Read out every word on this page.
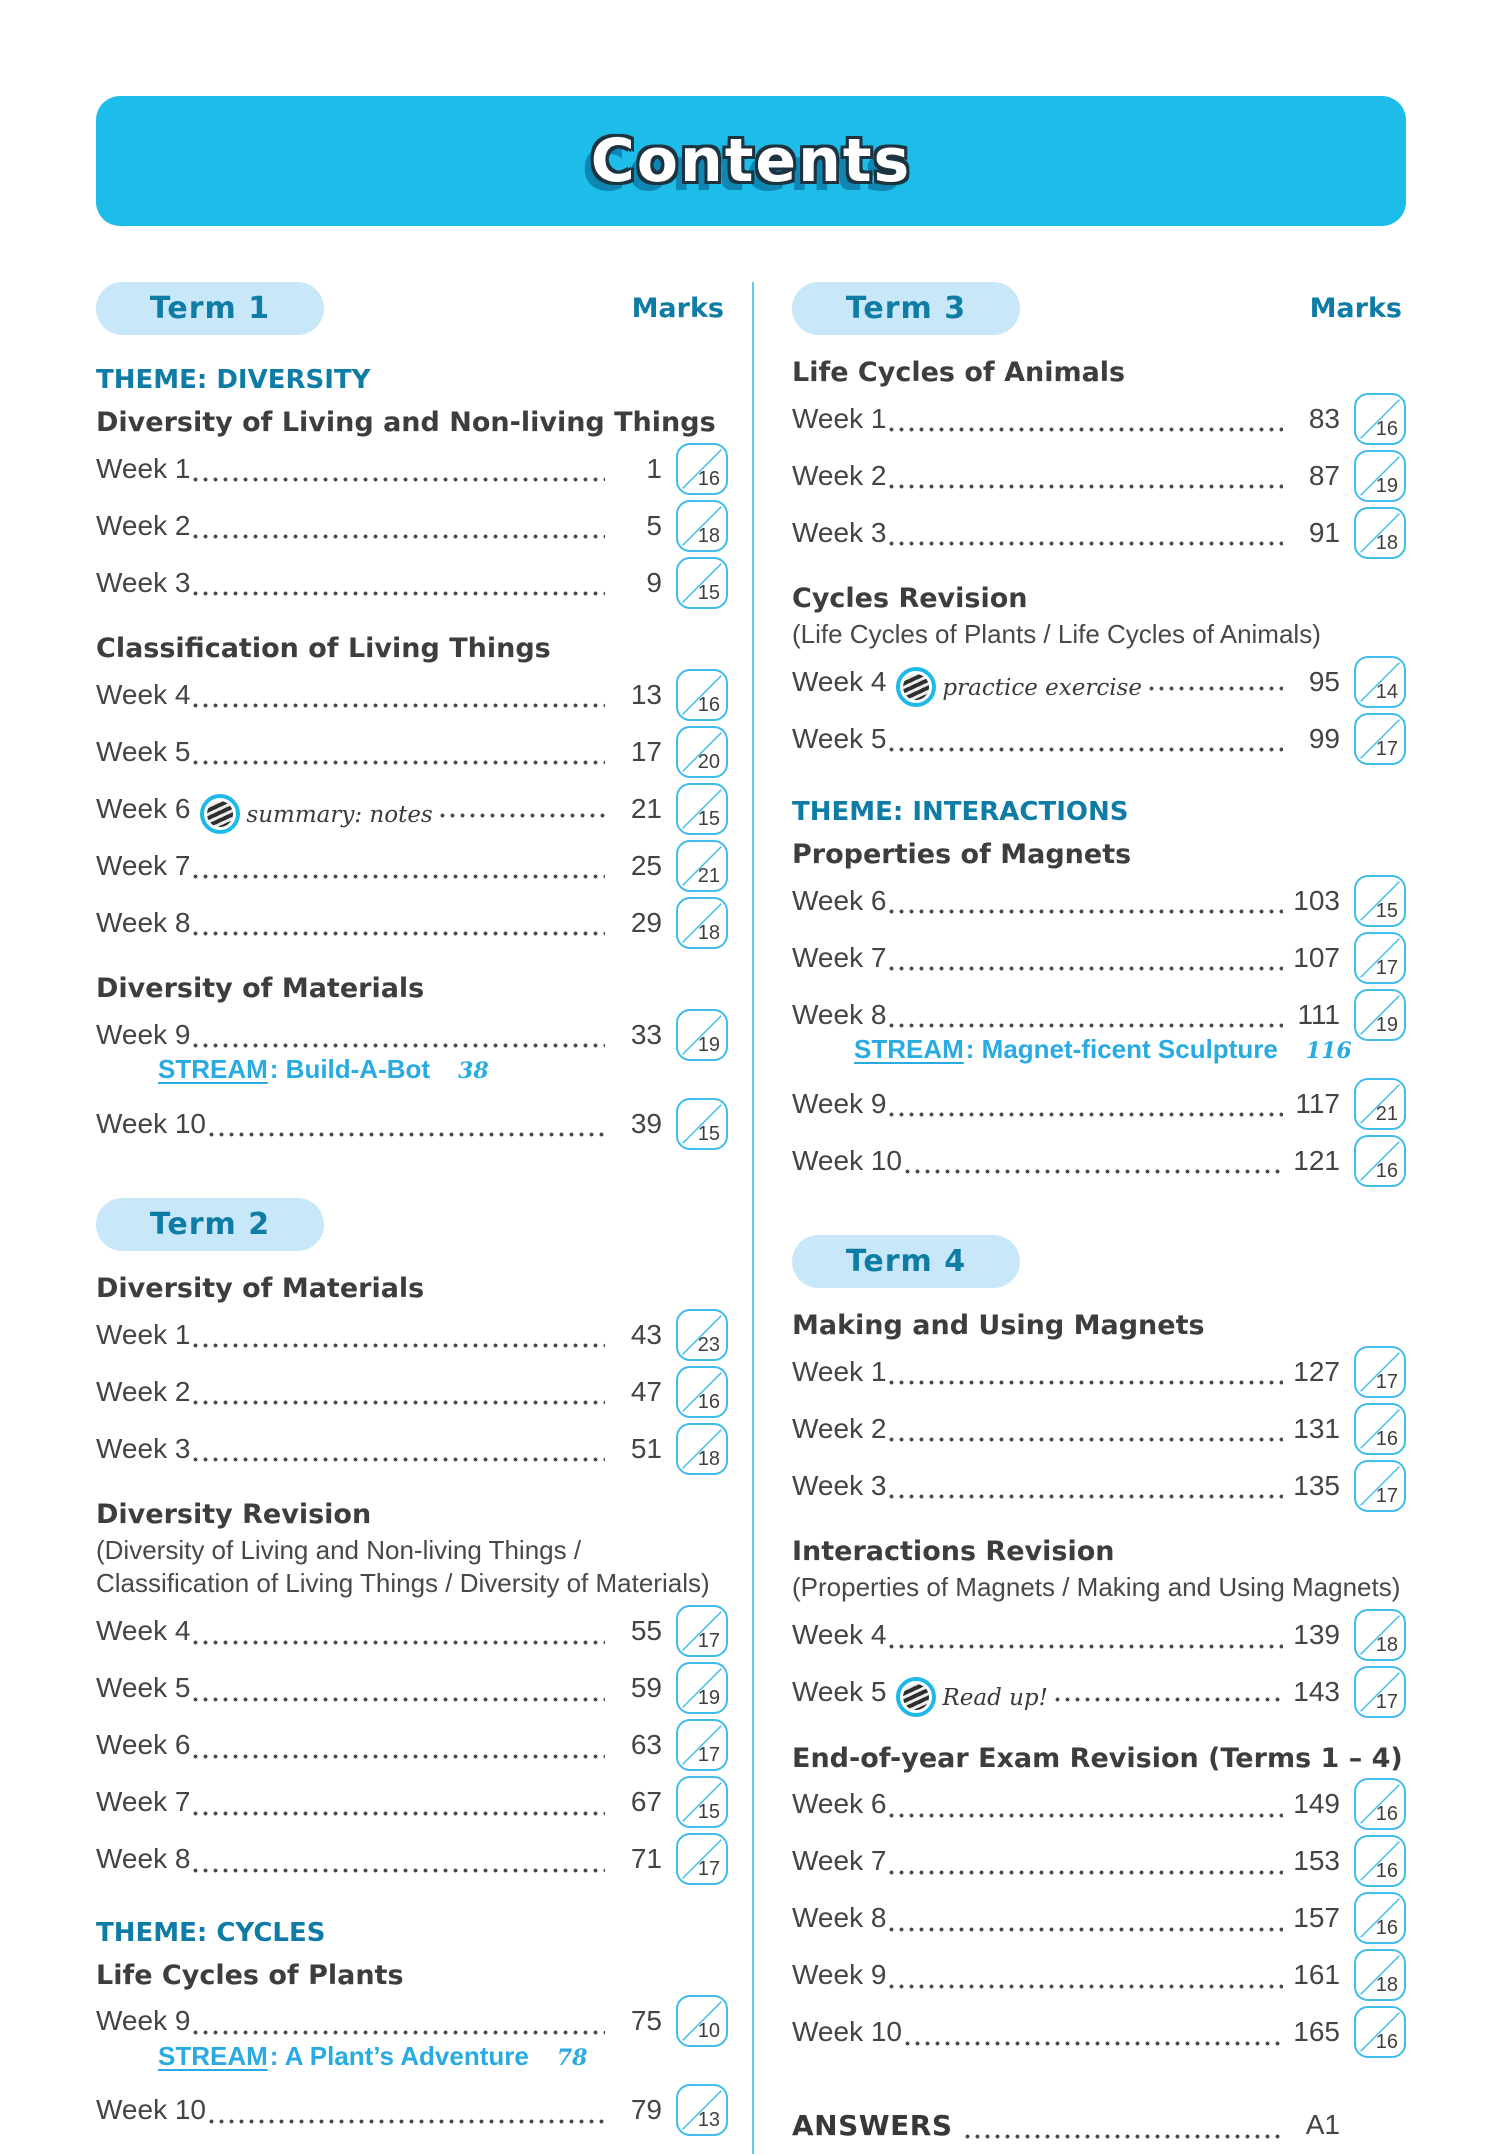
Contents
Term 1	Marks
THEME: DIVERSITY
Diversity of Living and Non-living Things
Week 1	1 16
Week 2	5 18
Week 3	9 15
Classification of Living Things
Week 4	13 16
Week 5	17 20
Week 6 summary: notes	21 15
Week 7	25 21
Week 8	29 18
Diversity of Materials
Week 9	33 19
STREAM : Build-A-Bot 38
Week 10	39 15
Term 2
Diversity of Materials
Week 1	43 23
Week 2	47 16
Week 3	51 18
Diversity Revision
(Diversity of Living and Non-living Things / Classification of Living Things / Diversity of Materials)
Week 4	55 17
Week 5	59 19
Week 6	63 17
Week 7	67 15
Week 8	71 17
THEME: CYCLES
Life Cycles of Plants
Week 9	75 10
STREAM : A Plant’s Adventure 78
Week 10	79 13
Term 3	Marks
Life Cycles of Animals
Week 1	83 16
Week 2	87 19
Week 3	91 18
Cycles Revision
(Life Cycles of Plants / Life Cycles of Animals)
Week 4 practice exercise	95 14
Week 5	99 17
THEME: INTERACTIONS
Properties of Magnets
Week 6	103 15
Week 7	107 17
Week 8	111 19
STREAM : Magnet-ficent Sculpture 116
Week 9	117 21
Week 10	121 16
Term 4
Making and Using Magnets
Week 1	127 17
Week 2	131 16
Week 3	135 17
Interactions Revision
(Properties of Magnets / Making and Using Magnets)
Week 4	139 18
Week 5 Read up!	143 17
End-of-year Exam Revision (Terms 1 – 4)
Week 6	149 16
Week 7	153 16
Week 8	157 16
Week 9	161 18
Week 10	165 16
ANSWERS	A1
